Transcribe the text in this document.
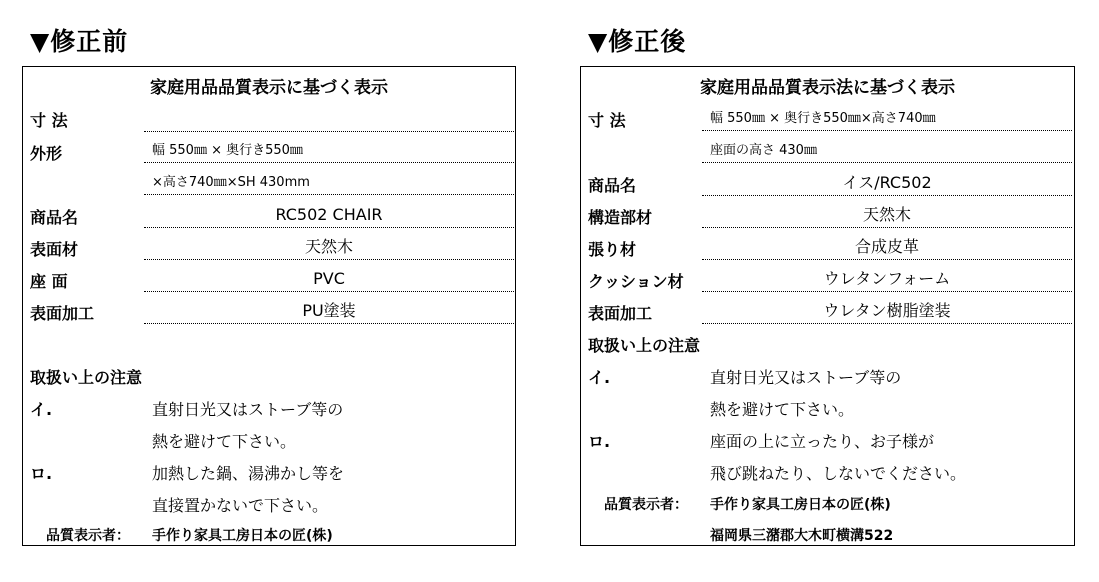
▼修正前
家庭用品品質表示に基づく表示
寸 法
外形	幅 550㎜ × 奥行き550㎜
×高さ740㎜×SH 430mm
商品名	RC502 CHAIR
表面材	天然木
座 面	PVC
表面加工	PU塗装
取扱い上の注意
イ.	直射日光又はストーブ等の
熱を避けて下さい。
ロ.	加熱した鍋、湯沸かし等を
直接置かないで下さい。
品質表示者： 手作り家具工房日本の匠(株)
▼修正後
家庭用品品質表示法に基づく表示
寸 法	幅 550㎜ × 奥行き550㎜×高さ740㎜
座面の高さ 430㎜
商品名	イス/RC502
構造部材	天然木
張り材	合成皮革
クッション材	ウレタンフォーム
表面加工	ウレタン樹脂塗装
取扱い上の注意
イ.	直射日光又はストーブ等の
熱を避けて下さい。
ロ.	座面の上に立ったり、お子様が
飛び跳ねたり、しないでください。
品質表示者： 手作り家具工房日本の匠(株)
福岡県三潴郡大木町横溝522
